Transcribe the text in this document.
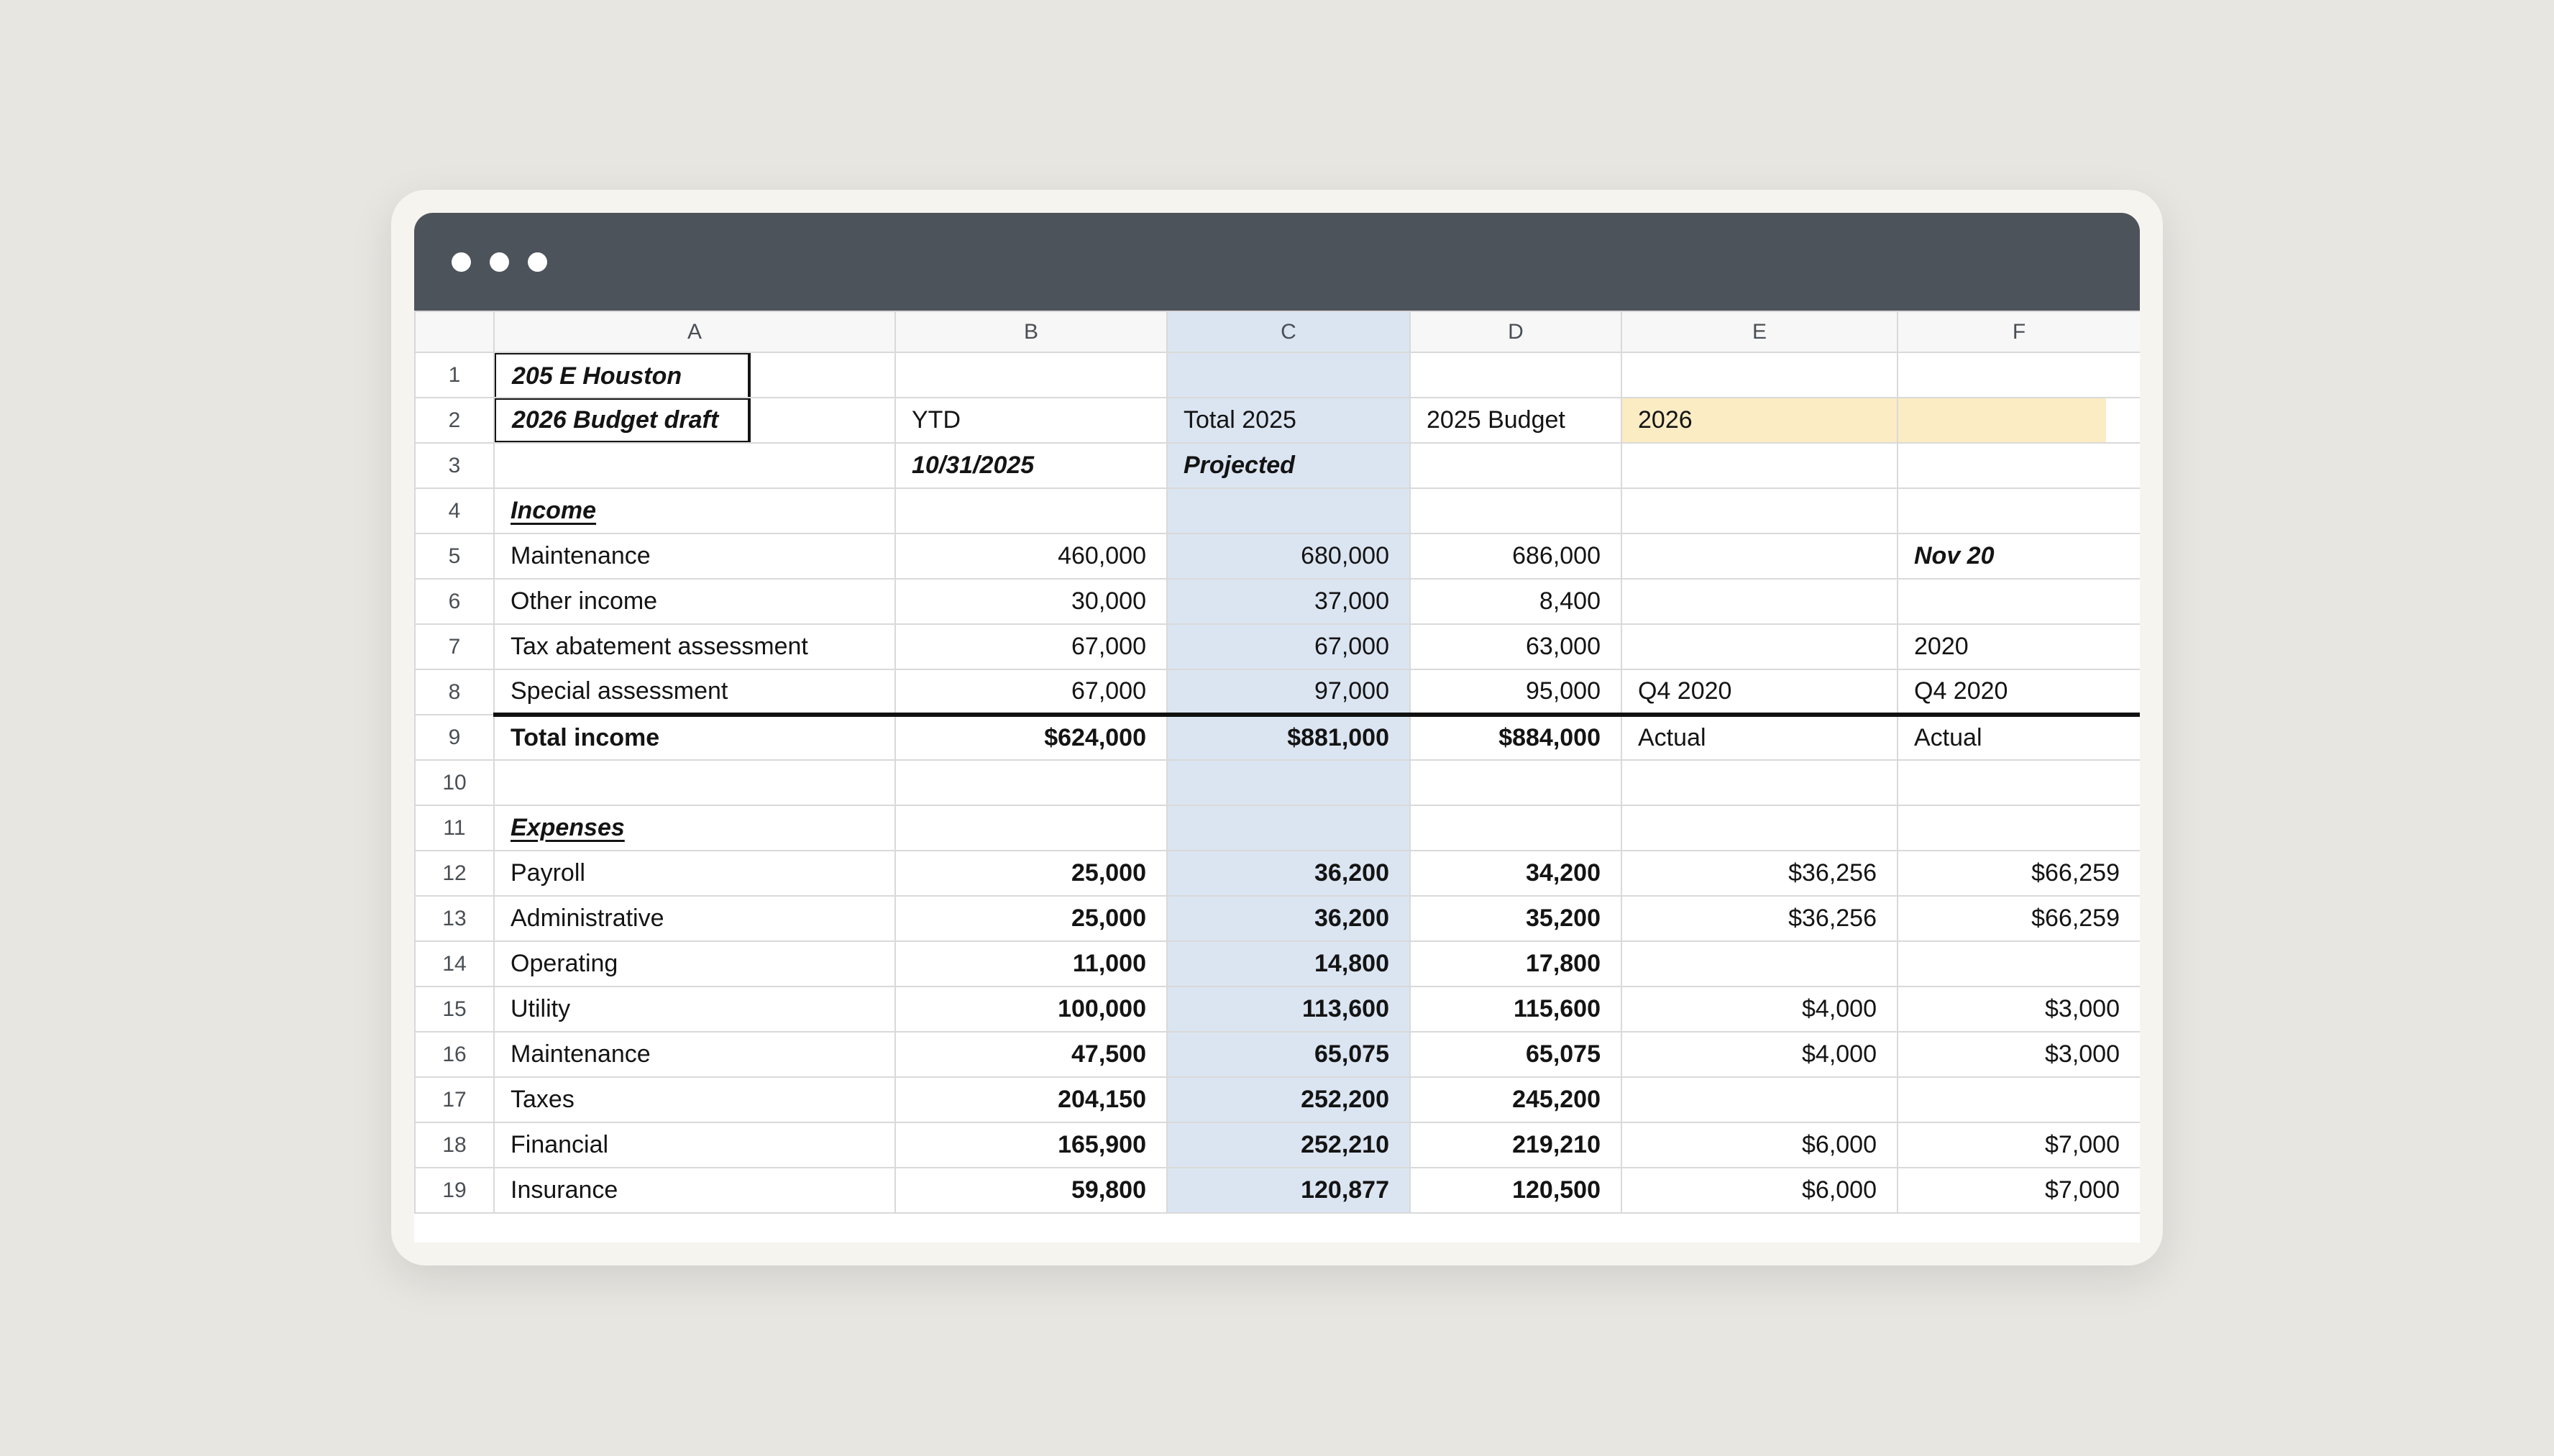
	A	B	C	D	E	F
1	205 E Houston					

2	2026 Budget draft	YTD	Total 2025	2025 Budget	2026	
3		10/31/2025	Projected			
4	Income					
5	Maintenance	460,000	680,000	686,000		Nov 20
6	Other income	30,000	37,000	8,400		
7	Tax abatement assessment	67,000	67,000	63,000		2020
8	Special assessment	67,000	97,000	95,000	Q4 2020	Q4 2020
9	Total income	$624,000	$881,000	$884,000	Actual	Actual
10						
11	Expenses					
12	Payroll	25,000	36,200	34,200	$36,256	$66,259
13	Administrative	25,000	36,200	35,200	$36,256	$66,259
14	Operating	11,000	14,800	17,800		
15	Utility	100,000	113,600	115,600	$4,000	$3,000
16	Maintenance	47,500	65,075	65,075	$4,000	$3,000
17	Taxes	204,150	252,200	245,200		
18	Financial	165,900	252,210	219,210	$6,000	$7,000
19	Insurance	59,800	120,877	120,500	$6,000	$7,000
